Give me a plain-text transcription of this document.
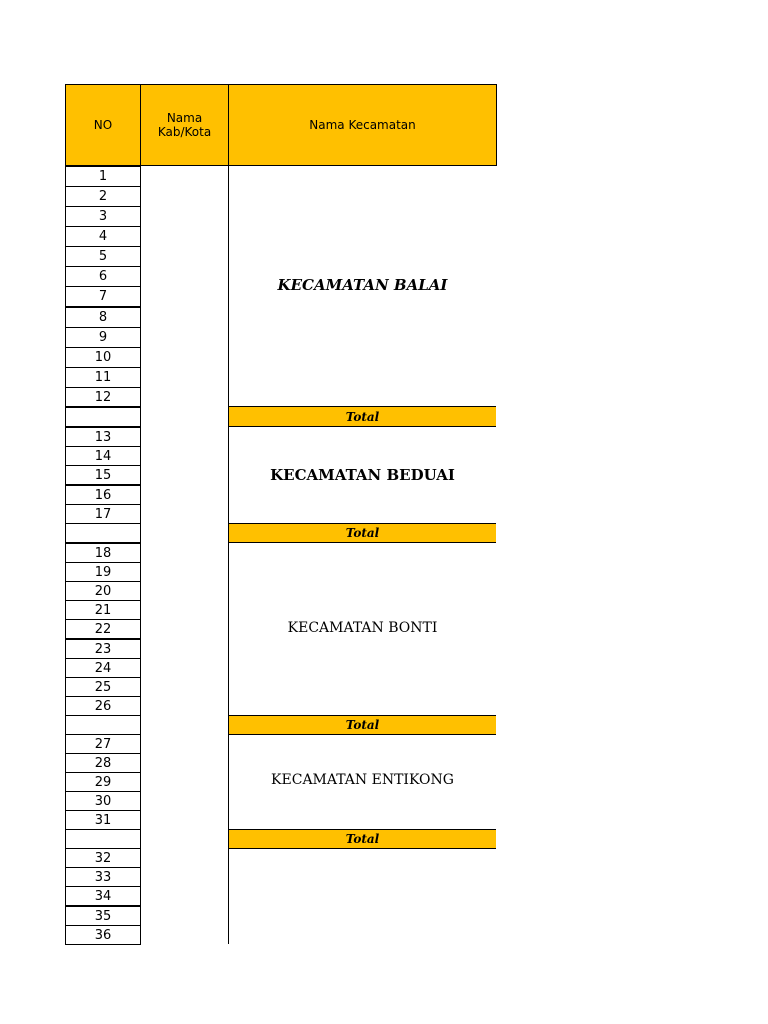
NO	Nama
Kab/Kota	Nama Kecamatan
1
2
3
4
5
6
7
8
9
10
11
12
Total
KECAMATAN BALAI
13
14
15
16
17
Total
KECAMATAN BEDUAI
18
19
20
21
22
23
24
25
26
Total
KECAMATAN BONTI
27
28
29
30
31
Total
KECAMATAN ENTIKONG
32
33
34
35
36
